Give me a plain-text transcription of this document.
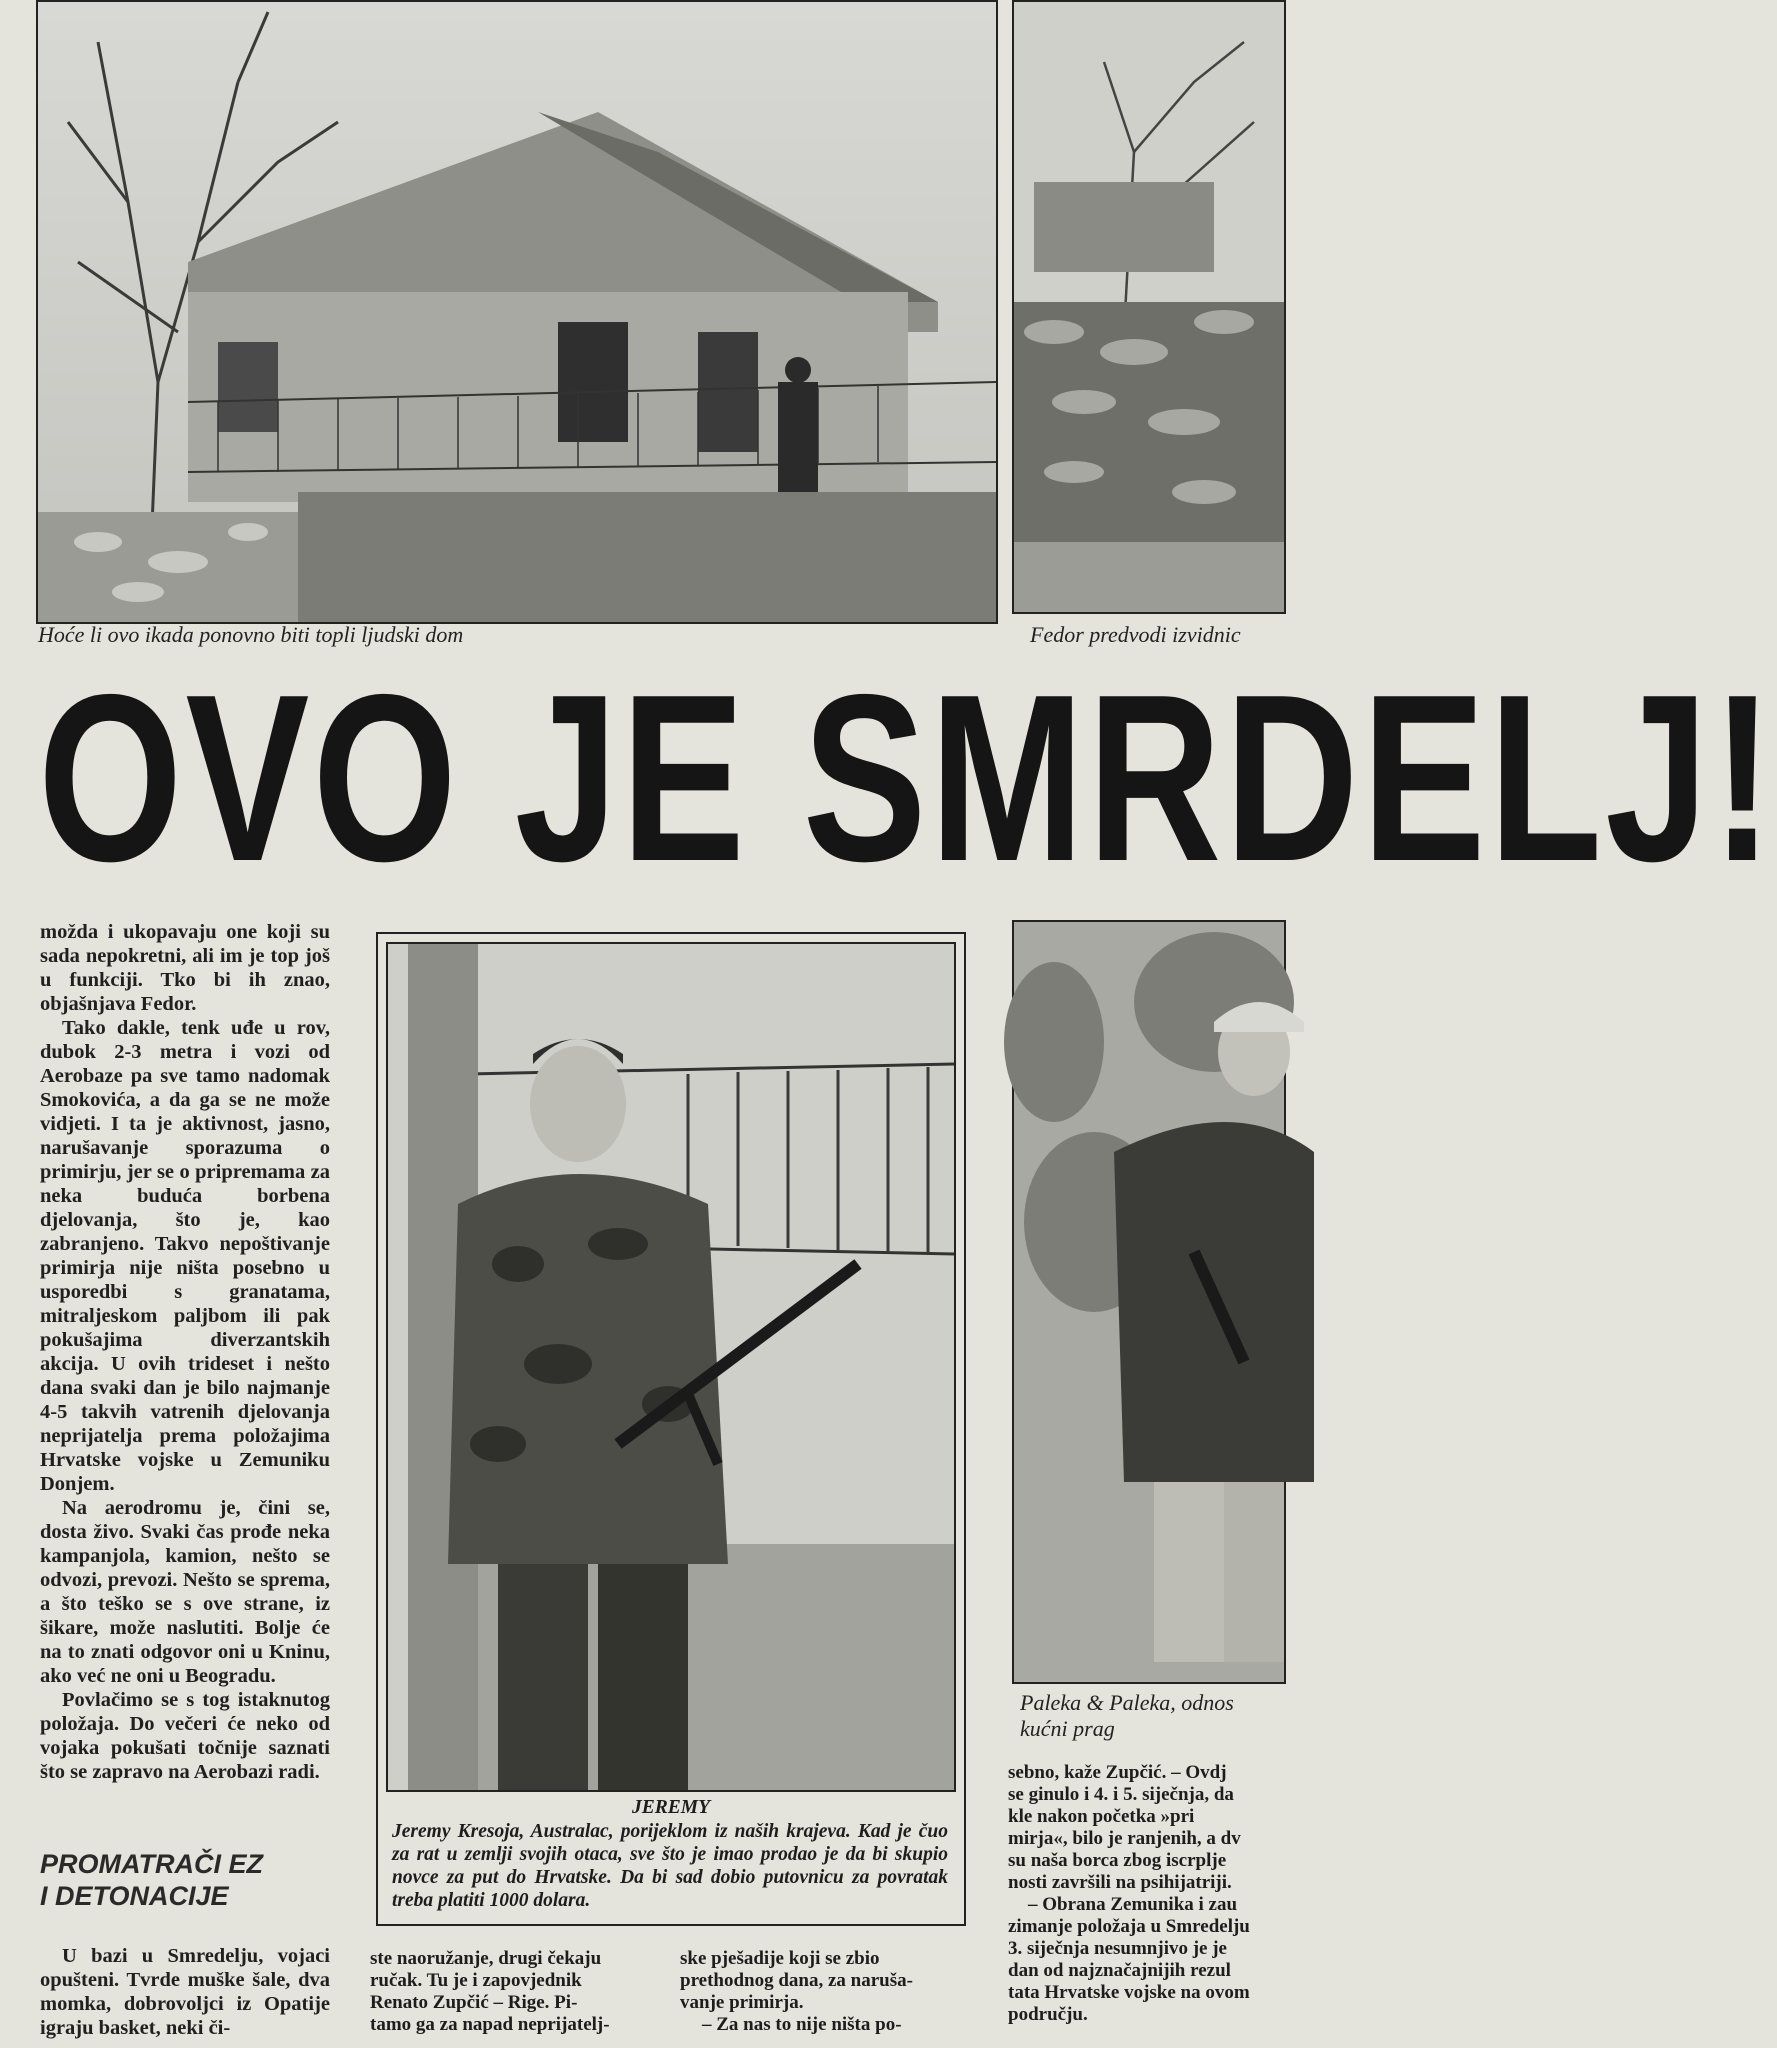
Hoće li ovo ikada ponovno biti topli ljudski dom	Fedor predvodi izvidnic
OVO JE SMRDELJ!

možda i ukopavaju one koji su sada nepokretni, ali im je top još u funkciji. Tko bi ih znao, objašnjava Fedor.

Tako dakle, tenk uđe u rov, dubok 2-3 metra i vozi od Aerobaze pa sve tamo nadomak Smokovića, a da ga se ne može vidjeti. I ta je aktivnost, jasno, narušavanje sporazuma o primirju, jer se o pripremama za neka buduća borbena djelovanja, što je, kao zabranjeno. Takvo nepoštivanje primirja nije ništa posebno u usporedbi s granatama, mitraljeskom paljbom ili pak pokušajima diverzantskih akcija. U ovih trideset i nešto dana svaki dan je bilo najmanje 4-5 takvih vatrenih djelovanja neprijatelja prema položajima Hrvatske vojske u Zemuniku Donjem.

Na aerodromu je, čini se, dosta živo. Svaki čas prođe neka kampanjola, kamion, nešto se odvozi, prevozi. Nešto se sprema, a što teško se s ove strane, iz šikare, može naslutiti. Bolje će na to znati odgovor oni u Kninu, ako već ne oni u Beogradu.

Povlačimo se s tog istaknutog položaja. Do večeri će neko od vojaka pokušati točnije saznati što se zapravo na Aerobazi radi.

PROMATRAČI EZ
I DETONACIJE

U bazi u Smredelju, vojaci opušteni. Tvrde muške šale, dva momka, dobrovoljci iz Opatije igraju basket, neki či-

JEREMY
Jeremy Kresoja, Australac, porijeklom iz naših krajeva. Kad je čuo za rat u zemlji svojih otaca, sve što je imao prodao je da bi skupio novce za put do Hrvatske. Da bi sad dobio putovnicu za povratak treba platiti 1000 dolara.
Paleka & Paleka, odnos
kućni prag
ste naoružanje, drugi čekaju
ručak. Tu je i zapovjednik
Renato Zupčić – Rige. Pi-
tamo ga za napad neprijatelj-
ske pješadije koji se zbio
prethodnog dana, za naruša-
vanje primirja.
– Za nas to nije ništa po-
sebno, kaže Zupčić. – Ovdj
se ginulo i 4. i 5. siječnja, da
kle nakon početka »pri
mirja«, bilo je ranjenih, a dv
su naša borca zbog iscrplje
nosti završili na psihijatriji.
– Obrana Zemunika i zau
zimanje položaja u Smredelju
3. siječnja nesumnjivo je je
dan od najznačajnijih rezul
tata Hrvatske vojske na ovom
području.
